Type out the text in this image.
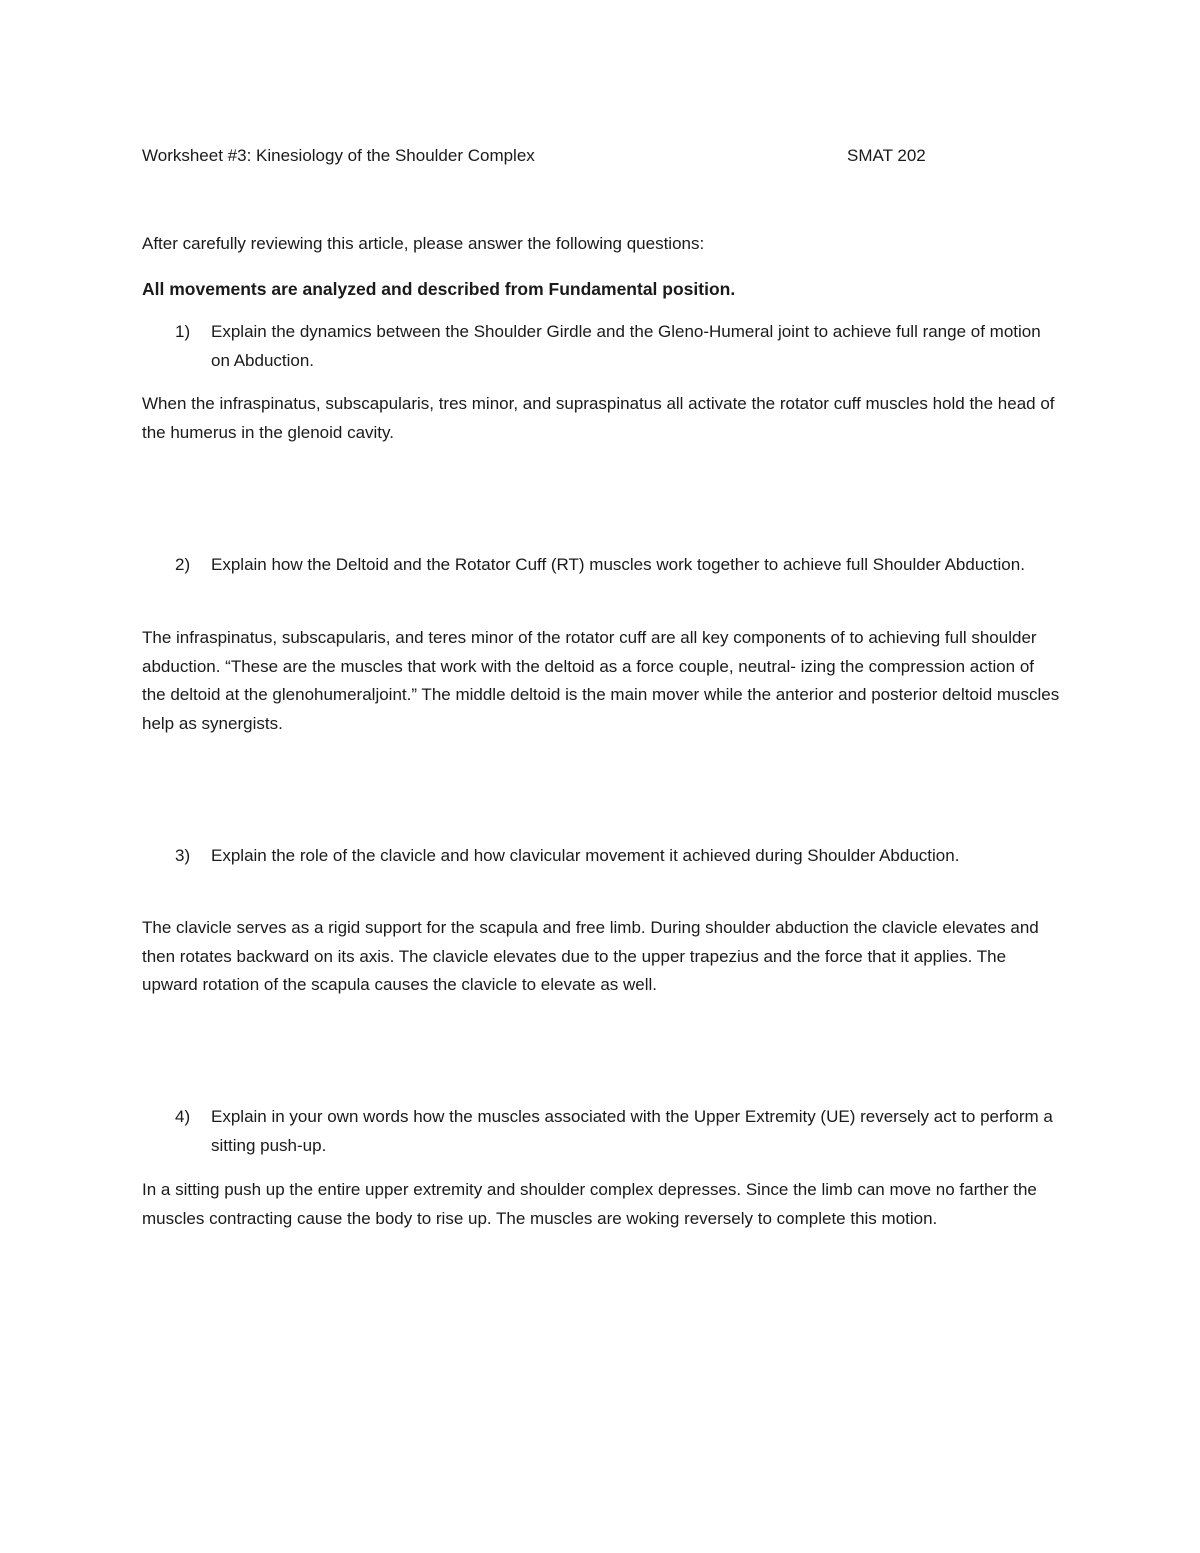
Worksheet #3: Kinesiology of the Shoulder Complex	SMAT 202

After carefully reviewing this article, please answer the following questions:

All movements are analyzed and described from Fundamental position.

1) Explain the dynamics between the Shoulder Girdle and the Gleno-Humeral joint to achieve full range of motion on Abduction.

When the infraspinatus, subscapularis, tres minor, and supraspinatus all activate the rotator cuff muscles hold the head of the humerus in the glenoid cavity.

2) Explain how the Deltoid and the Rotator Cuff (RT) muscles work together to achieve full Shoulder Abduction.

The infraspinatus, subscapularis, and teres minor of the rotator cuff are all key components of to achieving full shoulder abduction. “These are the muscles that work with the deltoid as a force couple, neutral- izing the compression action of the deltoid at the glenohumeraljoint.” The middle deltoid is the main mover while the anterior and posterior deltoid muscles help as synergists.

3) Explain the role of the clavicle and how clavicular movement it achieved during Shoulder Abduction.

The clavicle serves as a rigid support for the scapula and free limb. During shoulder abduction the clavicle elevates and then rotates backward on its axis. The clavicle elevates due to the upper trapezius and the force that it applies. The upward rotation of the scapula causes the clavicle to elevate as well.

4) Explain in your own words how the muscles associated with the Upper Extremity (UE) reversely act to perform a sitting push-up.

In a sitting push up the entire upper extremity and shoulder complex depresses. Since the limb can move no farther the muscles contracting cause the body to rise up. The muscles are woking reversely to complete this motion.
